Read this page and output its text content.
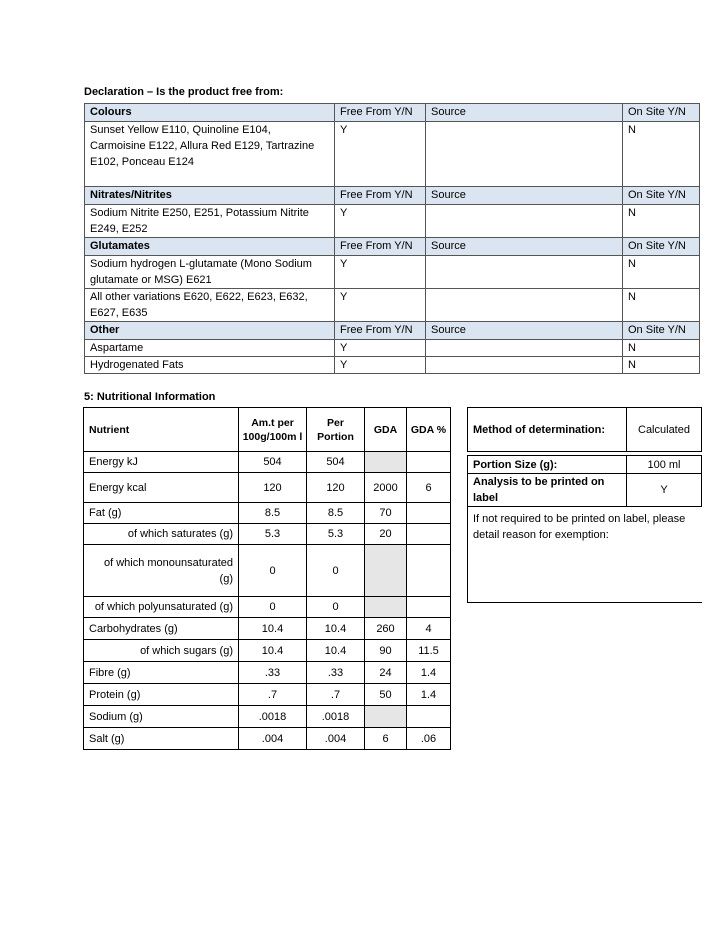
Declaration – Is the product free from:
Colours	Free From Y/N	Source	On Site Y/N
Sunset Yellow E110, Quinoline E104, Carmoisine E122, Allura Red E129, Tartrazine E102, Ponceau E124	Y		N
Nitrates/Nitrites	Free From Y/N	Source	On Site Y/N
Sodium Nitrite E250, E251, Potassium Nitrite E249, E252	Y		N
Glutamates	Free From Y/N	Source	On Site Y/N
Sodium hydrogen L-glutamate (Mono Sodium glutamate or MSG) E621	Y		N
All other variations E620, E622, E623, E632, E627, E635	Y		N
Other	Free From Y/N	Source	On Site Y/N
Aspartame	Y		N
Hydrogenated Fats	Y		N
5: Nutritional Information
Nutrient	Am.t per 100g/100m l	Per Portion	GDA	GDA %
Energy kJ	504	504		
Energy kcal	120	120	2000	6
Fat (g)	8.5	8.5	70	
of which saturates (g)	5.3	5.3	20	
of which monounsaturated (g)	0	0		
of which polyunsaturated (g)	0	0		
Carbohydrates (g)	10.4	10.4	260	4
of which sugars (g)	10.4	10.4	90	11.5
Fibre (g)	.33	.33	24	1.4
Protein (g)	.7	.7	50	1.4
Sodium (g)	.0018	.0018		
Salt (g)	.004	.004	6	.06
Method of determination:	Calculated

Portion Size (g):	100 ml
Analysis to be printed on label	Y
If not required to be printed on label, please detail reason for exemption:	
